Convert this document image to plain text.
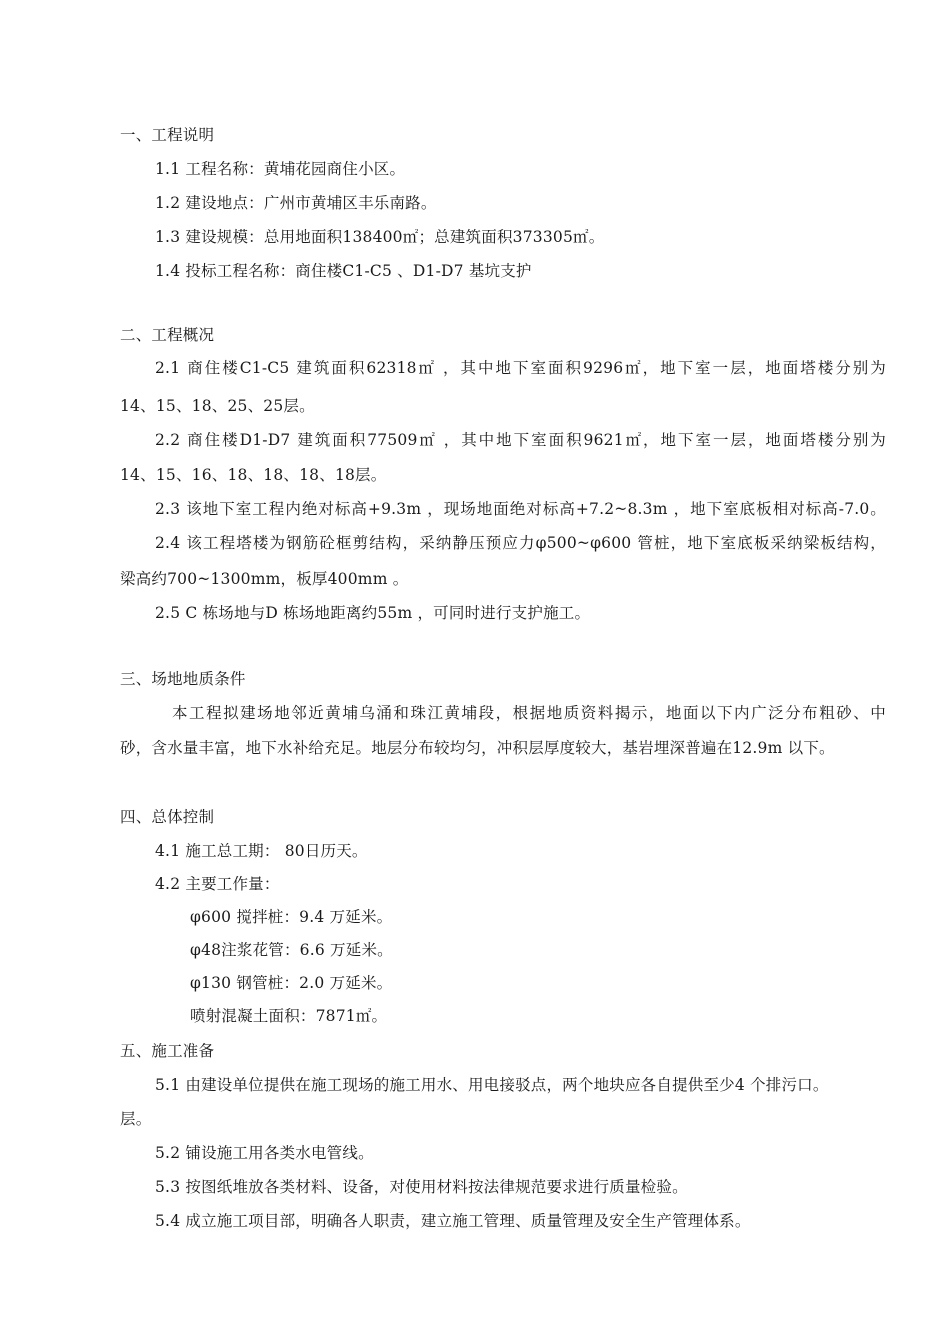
一、工程说明
1.1 工程名称：黄埔花园商住小区。
1.2 建设地点：广州市黄埔区丰乐南路。
1.3 建设规模：总用地面积138400㎡；总建筑面积373305㎡。
1.4 投标工程名称：商住楼C1-C5 、D1-D7 基坑支护
二、工程概况
2.1 商住楼C1-C5 建筑面积62318㎡ ，其中地下室面积9296㎡，地下室一层，地面塔楼分别为
14、15、18、25、25层。
2.2 商住楼D1-D7 建筑面积77509㎡ ，其中地下室面积9621㎡，地下室一层，地面塔楼分别为
14、15、16、18、18、18、18层。
2.3 该地下室工程内绝对标高+9.3m ，现场地面绝对标高+7.2~8.3m ，地下室底板相对标高-7.0。
2.4 该工程塔楼为钢筋砼框剪结构，采纳静压预应力φ500~φ600 管桩，地下室底板采纳梁板结构，
梁高约700~1300mm，板厚400mm 。
2.5 C 栋场地与D 栋场地距离约55m ，可同时进行支护施工。
三、场地地质条件
本工程拟建场地邻近黄埔乌涌和珠江黄埔段，根据地质资料揭示，地面以下内广泛分布粗砂、中
砂，含水量丰富，地下水补给充足。地层分布较均匀，冲积层厚度较大，基岩埋深普遍在12.9m 以下。
四、总体控制
4.1 施工总工期： 80日历天。
4.2 主要工作量：
φ600 搅拌桩：9.4 万延米。
φ48注浆花管：6.6 万延米。
φ130 钢管桩：2.0 万延米。
喷射混凝土面积：7871㎡。
五、施工准备
5.1 由建设单位提供在施工现场的施工用水、用电接驳点，两个地块应各自提供至少4 个排污口。
层。
5.2 铺设施工用各类水电管线。
5.3 按图纸堆放各类材料、设备，对使用材料按法律规范要求进行质量检验。
5.4 成立施工项目部，明确各人职责，建立施工管理、质量管理及安全生产管理体系。
